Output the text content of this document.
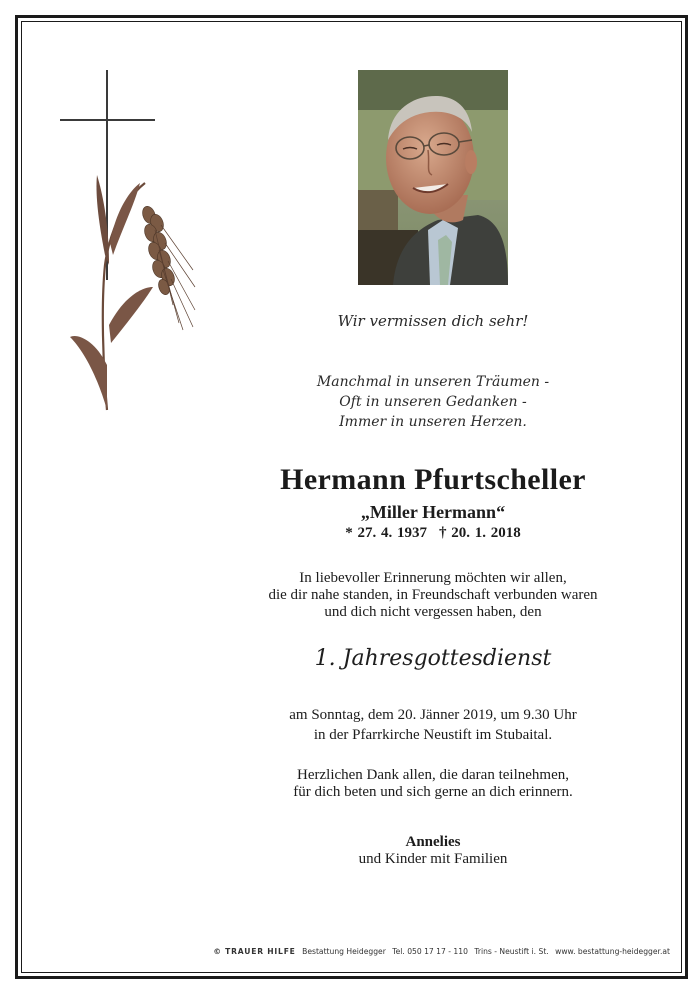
Wir vermissen dich sehr!
Manchmal in unseren Träumen -
Oft in unseren Gedanken -
Immer in unseren Herzen.
Hermann Pfurtscheller
„Miller Hermann“
* 27. 4. 1937 † 20. 1. 2018
In liebevoller Erinnerung möchten wir allen,
die dir nahe standen, in Freundschaft verbunden waren
und dich nicht vergessen haben, den
1. Jahresgottesdienst
am Sonntag, dem 20. Jänner 2019, um 9.30 Uhr
in der Pfarrkirche Neustift im Stubaital.
Herzlichen Dank allen, die daran teilnehmen,
für dich beten und sich gerne an dich erinnern.
Annelies
und Kinder mit Familien
© TRAUER HILFE Bestattung Heidegger Tel. 050 17 17 - 110 Trins - Neustift i. St. www. bestattung-heidegger.at
